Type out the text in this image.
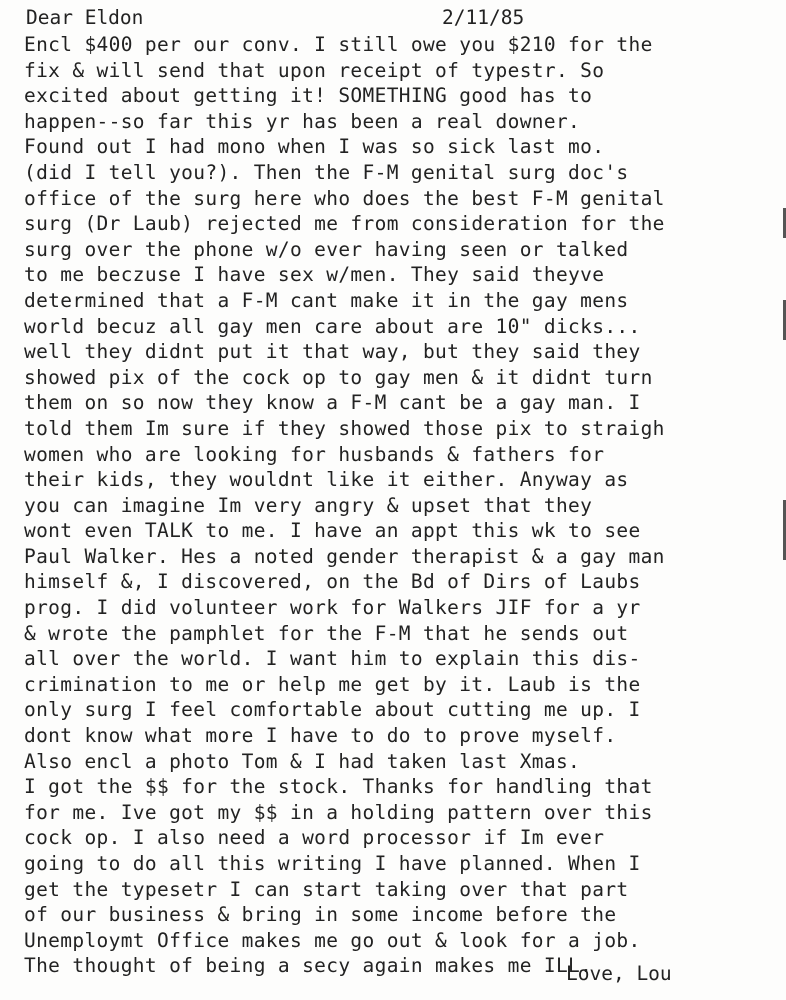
Dear Eldon	2/11/85
Encl $400 per our conv. I still owe you $210 for the
fix & will send that upon receipt of typestr. So
excited about getting it! SOMETHING good has to
happen--so far this yr has been a real downer.
Found out I had mono when I was so sick last mo.
(did I tell you?). Then the F-M genital surg doc's
office of the surg here who does the best F-M genital
surg (Dr Laub) rejected me from consideration for the
surg over the phone w/o ever having seen or talked
to me beczuse I have sex w/men. They said theyve
determined that a F-M cant make it in the gay mens
world becuz all gay men care about are 10" dicks...
well they didnt put it that way, but they said they
showed pix of the cock op to gay men & it didnt turn
them on so now they know a F-M cant be a gay man. I
told them Im sure if they showed those pix to straigh
women who are looking for husbands & fathers for
their kids, they wouldnt like it either. Anyway as
you can imagine Im very angry & upset that they
wont even TALK to me. I have an appt this wk to see
Paul Walker. Hes a noted gender therapist & a gay man
himself &, I discovered, on the Bd of Dirs of Laubs
prog. I did volunteer work for Walkers JIF for a yr
& wrote the pamphlet for the F-M that he sends out
all over the world. I want him to explain this dis-
crimination to me or help me get by it. Laub is the
only surg I feel comfortable about cutting me up. I
dont know what more I have to do to prove myself.
Also encl a photo Tom & I had taken last Xmas.
I got the $$ for the stock. Thanks for handling that
for me. Ive got my $$ in a holding pattern over this
cock op. I also need a word processor if Im ever
going to do all this writing I have planned. When I
get the typesetr I can start taking over that part
of our business & bring in some income before the
Unemploymt Office makes me go out & look for a job.
The thought of being a secy again makes me ILL.
Love, Lou
